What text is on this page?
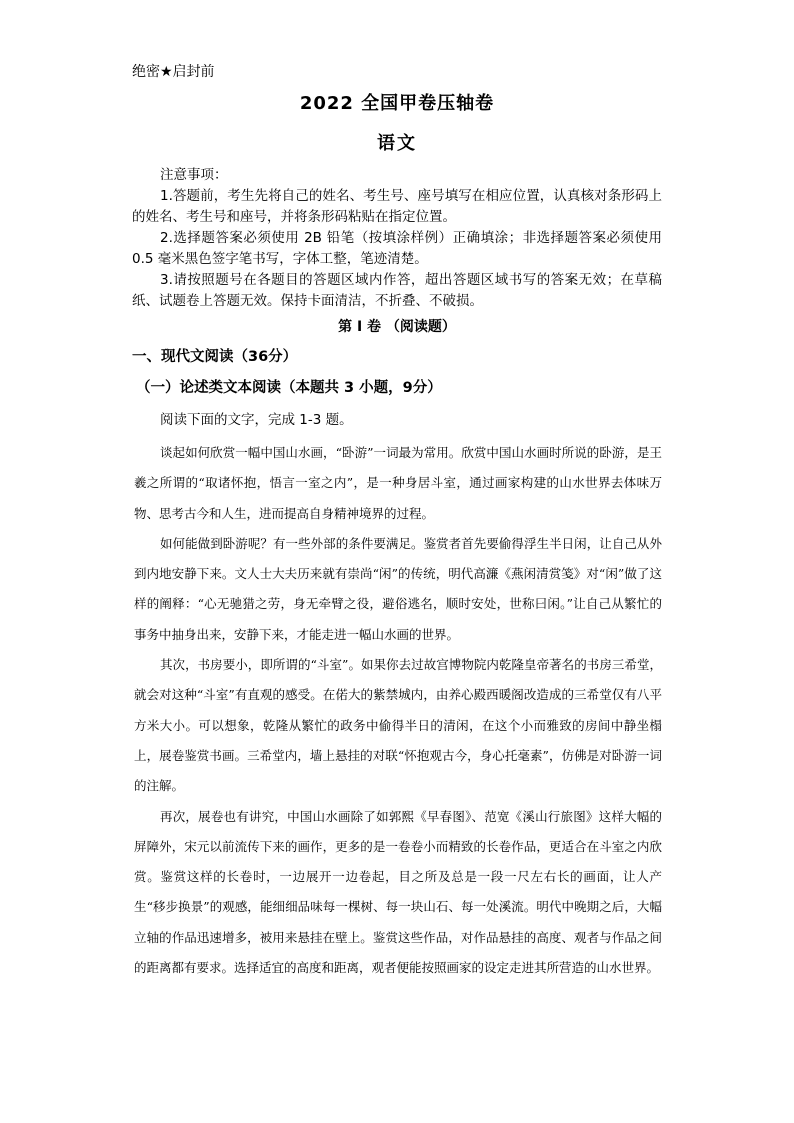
绝密★启封前
2022 全国甲卷压轴卷
语文

注意事项：

1.答题前，考生先将自己的姓名、考生号、座号填写在相应位置，认真核对条形码上的姓名、考生号和座号，并将条形码粘贴在指定位置。

2.选择题答案必须使用 2B 铅笔（按填涂样例）正确填涂；非选择题答案必须使用 0.5 毫米黑色签字笔书写，字体工整，笔迹清楚。

3.请按照题号在各题目的答题区域内作答，超出答题区域书写的答案无效；在草稿纸、试题卷上答题无效。保持卡面清洁，不折叠、不破损。

第 I 卷 （阅读题）
一、现代文阅读（36分）
（一）论述类文本阅读（本题共 3 小题，9分）
阅读下面的文字，完成 1-3 题。

谈起如何欣赏一幅中国山水画，“卧游”一词最为常用。欣赏中国山水画时所说的卧游，是王羲之所谓的“取诸怀抱，悟言一室之内”，是一种身居斗室，通过画家构建的山水世界去体味万物、思考古今和人生，进而提高自身精神境界的过程。

如何能做到卧游呢？有一些外部的条件要满足。鉴赏者首先要偷得浮生半日闲，让自己从外到内地安静下来。文人士大夫历来就有崇尚“闲”的传统，明代高濂《燕闲清赏笺》对“闲”做了这样的阐释：“心无驰猎之劳，身无牵臂之役，避俗逃名，顺时安处，世称曰闲。”让自己从繁忙的事务中抽身出来，安静下来，才能走进一幅山水画的世界。

其次，书房要小，即所谓的“斗室”。如果你去过故宫博物院内乾隆皇帝著名的书房三希堂，就会对这种“斗室”有直观的感受。在偌大的紫禁城内，由养心殿西暖阁改造成的三希堂仅有八平方米大小。可以想象，乾隆从繁忙的政务中偷得半日的清闲，在这个小而雅致的房间中静坐榻上，展卷鉴赏书画。三希堂内，墙上悬挂的对联“怀抱观古今，身心托毫素”，仿佛是对卧游一词的注解。

再次，展卷也有讲究，中国山水画除了如郭熙《早春图》、范宽《溪山行旅图》这样大幅的屏障外，宋元以前流传下来的画作，更多的是一卷卷小而精致的长卷作品，更适合在斗室之内欣赏。鉴赏这样的长卷时，一边展开一边卷起，目之所及总是一段一尺左右长的画面，让人产生“移步换景”的观感，能细细品味每一棵树、每一块山石、每一处溪流。明代中晚期之后，大幅立轴的作品迅速增多，被用来悬挂在壁上。鉴赏这些作品，对作品悬挂的高度、观者与作品之间的距离都有要求。选择适宜的高度和距离，观者便能按照画家的设定走进其所营造的山水世界。
